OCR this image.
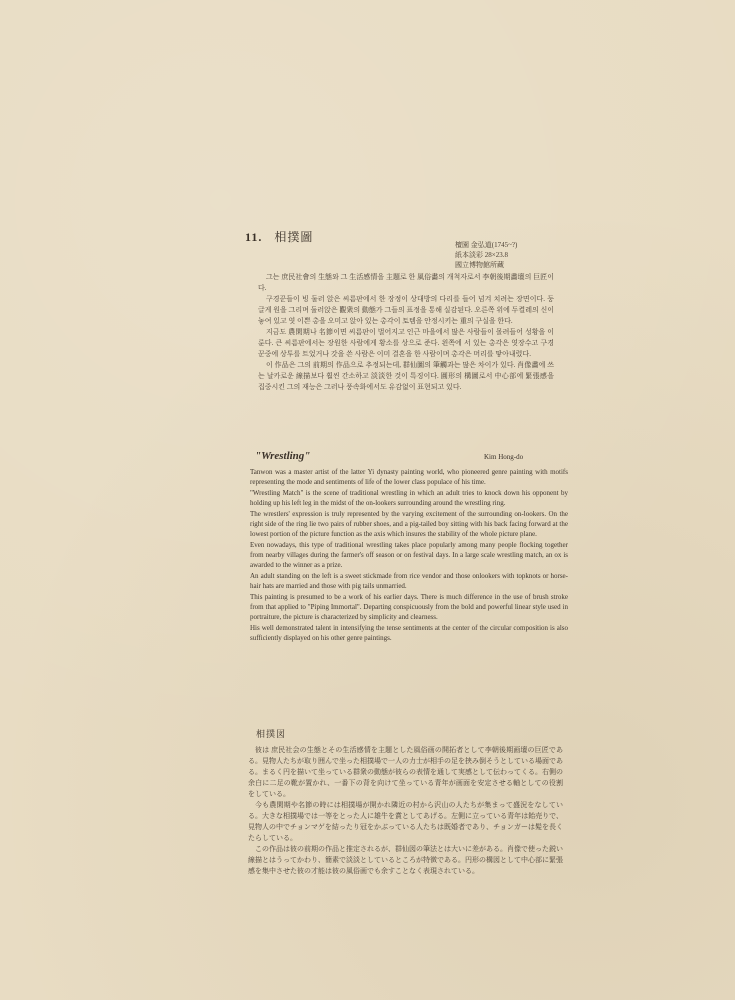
11. 相撲圖
檀園 金弘道(1745~?)
紙本淡彩 28×23.8
國立博物館所藏

그는 庶民社會의 生態와 그 生活感情을 主題로 한 風俗畵의 개척자로서 李朝後期畵壇의 巨匠이다.

구경꾼들이 빙 둘러 앉은 씨름판에서 한 장정이 상대방의 다리를 들어 넘겨 치려는 장면이다. 둥글게 원을 그리며 둘러앉은 觀衆의 動態가 그들의 표정을 통해 실감된다. 오른쪽 위에 두켤레의 신이 놓여 있고 엿 이쁜 총을 오미고 앉아 있는 총각이 토템을 안정시키는 重의 구실을 한다.

지금도 農閑期나 名節이면 씨름판이 벌어지고 인근 마을에서 많은 사람들이 몰려들어 성황을 이룬다. 큰 씨름판에서는 장원한 사람에게 황소를 상으로 준다. 왼쪽에 서 있는 총각은 엿장수고 구경꾼중에 상투를 트었거나 갓을 쓴 사람은 이미 결혼을 한 사람이며 총각은 머리를 땋아내렸다.

이 作品은 그의 前期의 作品으로 추정되는데, 群仙圖의 筆觸과는 많은 차이가 있다. 肖像畵에 쓰는 날카로운 線描보다 훨씬 간소하고 淡淡한 것이 특징이다. 圓形의 構圖로서 中心部에 緊張感을 집중시킨 그의 재능은 그러나 풍속화에서도 유감없이 표현되고 있다.

"Wrestling"	Kim Hong-do

Tanwon was a master artist of the latter Yi dynasty painting world, who pioneered genre painting with motifs representing the mode and sentiments of life of the lower class populace of his time.

"Wrestling Match" is the scene of traditional wrestling in which an adult tries to knock down his opponent by holding up his left leg in the midst of the on-lookers surrounding around the wrestling ring.

The wrestlers' expression is truly represented by the varying excitement of the surrounding on-lookers. On the right side of the ring lie two pairs of rubber shoes, and a pig-tailed boy sitting with his back facing forward at the lowest portion of the picture function as the axis which insures the stability of the whole picture plane.

Even nowadays, this type of traditional wrestling takes place popularly among many people flocking together from nearby villages during the farmer's off season or on festival days. In a large scale wrestling match, an ox is awarded to the winner as a prize.

An adult standing on the left is a sweet stickmade from rice vendor and those onlookers with topknots or horse-hair hats are married and those with pig tails unmarried.

This painting is presumed to be a work of his earlier days. There is much difference in the use of brush stroke from that applied to "Piping Immortal". Departing conspicuously from the bold and powerful linear style used in portraiture, the picture is characterized by simplicity and clearness.

His well demonstrated talent in intensifying the tense sentiments at the center of the circular composition is also sufficiently displayed on his other genre paintings.

相撲図

彼は 庶民社会の生態とその生活感情を主題とした風俗画の開拓者として李朝後期画壇の巨匠である。見物人たちが取り囲んで坐った相撲場で一人の力士が相手の足を挟み倒そうとしている場面である。まるく円を描いて坐っている群衆の動態が彼らの表情を通して実感として伝わってくる。右側の余白に二足の靴が置かれ、一番下の背を向けて坐っている青年が画面を安定させる軸としての役割をしている。

今も農閑期や名節の時には相撲場が開かれ隣近の村から沢山の人たちが集まって盛況をなしている。大きな相撲場では一等をとった人に雄牛を賞としてあげる。左側に立っている青年は飴売りで、見物人の中でチョンマゲを結ったり冠をかぶっている人たちは既婚者であり、チョンガーは髪を長くたらしている。

この作品は彼の前期の作品と推定されるが、群仙図の筆法とは大いに差がある。肖像で使った鋭い線描とはうってかわり、簡素で淡淡としているところが特徴である。円形の構図として中心部に緊張感を集中させた彼の才能は彼の風俗画でも余すことなく表現されている。
